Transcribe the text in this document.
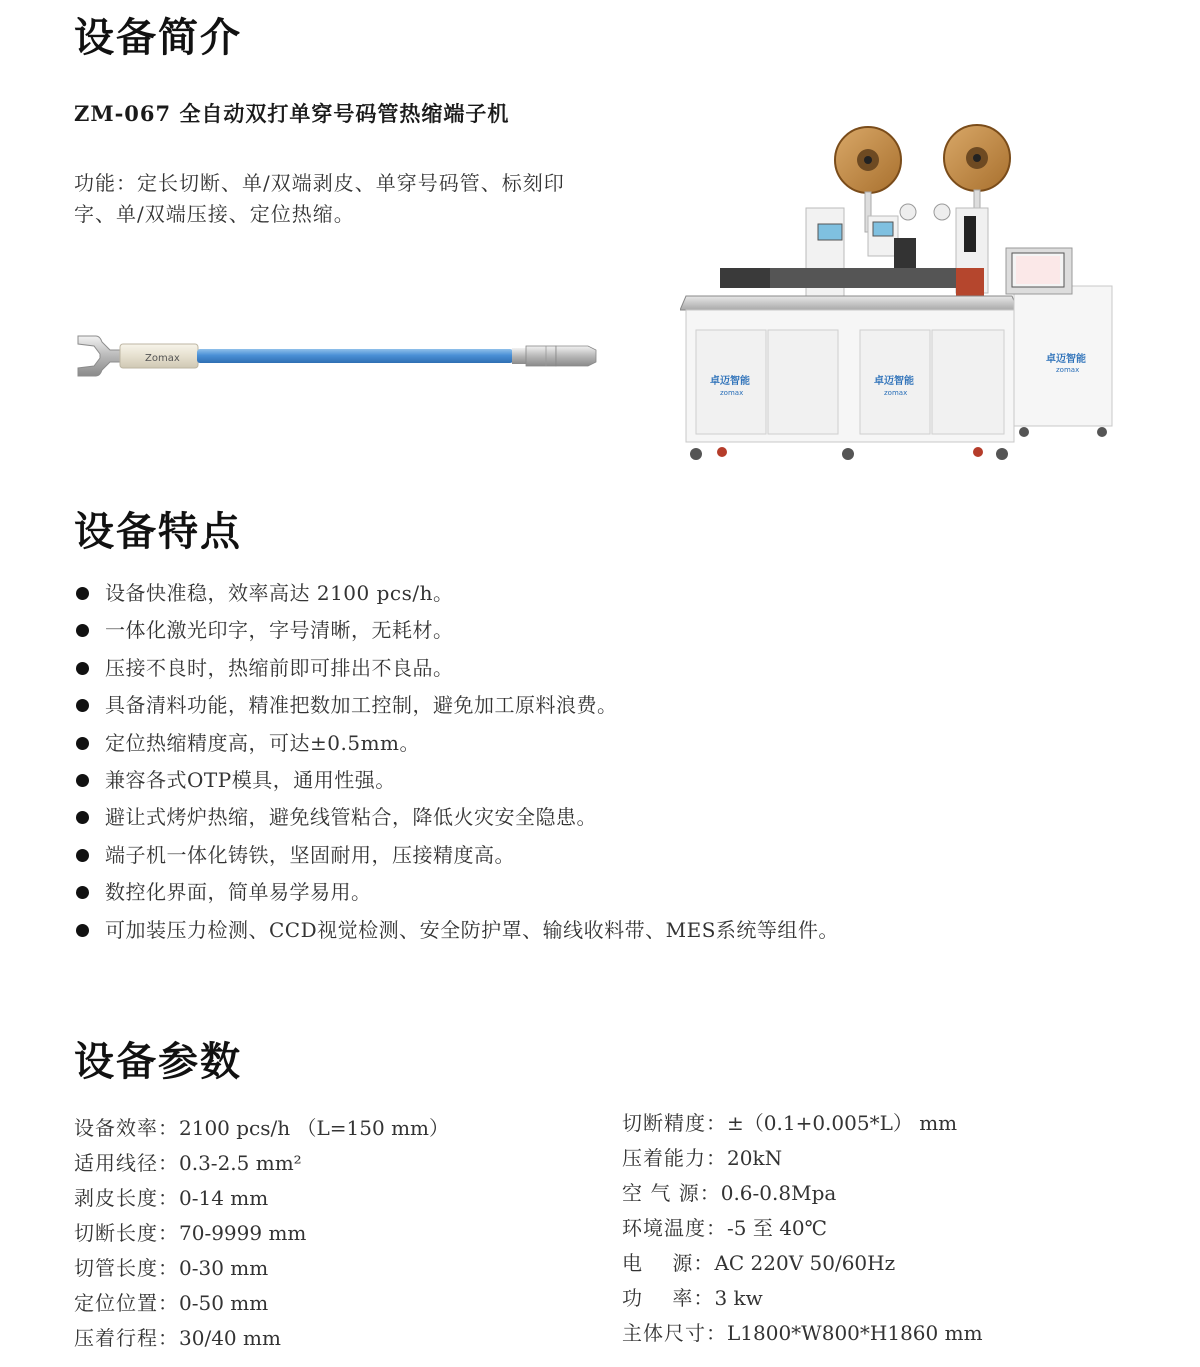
设备简介
ZM-067 全自动双打单穿号码管热缩端子机

功能：定长切断、单/双端剥皮、单穿号码管、标刻印字、单/双端压接、定位热缩。

Zomax
卓迈智能
zomax
卓迈智能
zomax
卓迈智能
zomax
设备特点
设备快准稳，效率高达 2100 pcs/h。
一体化激光印字，字号清晰，无耗材。
压接不良时，热缩前即可排出不良品。
具备清料功能，精准把数加工控制，避免加工原料浪费。
定位热缩精度高，可达±0.5mm。
兼容各式OTP模具，通用性强。
避让式烤炉热缩，避免线管粘合，降低火灾安全隐患。
端子机一体化铸铁，坚固耐用，压接精度高。
数控化界面，简单易学易用。
可加装压力检测、CCD视觉检测、安全防护罩、输线收料带、MES系统等组件。
设备参数
设备效率：2100 pcs/h （L=150 mm）
适用线径：0.3-2.5 mm²
剥皮长度：0-14 mm
切断长度：70-9999 mm
切管长度：0-30 mm
定位位置：0-50 mm
压着行程：30/40 mm
切断精度：±（0.1+0.005*L） mm
压着能力：20kN
空 气 源：0.6-0.8Mpa
环境温度：-5 至 40℃
电    源：AC 220V 50/60Hz
功    率：3 kw
主体尺寸：L1800*W800*H1860 mm
